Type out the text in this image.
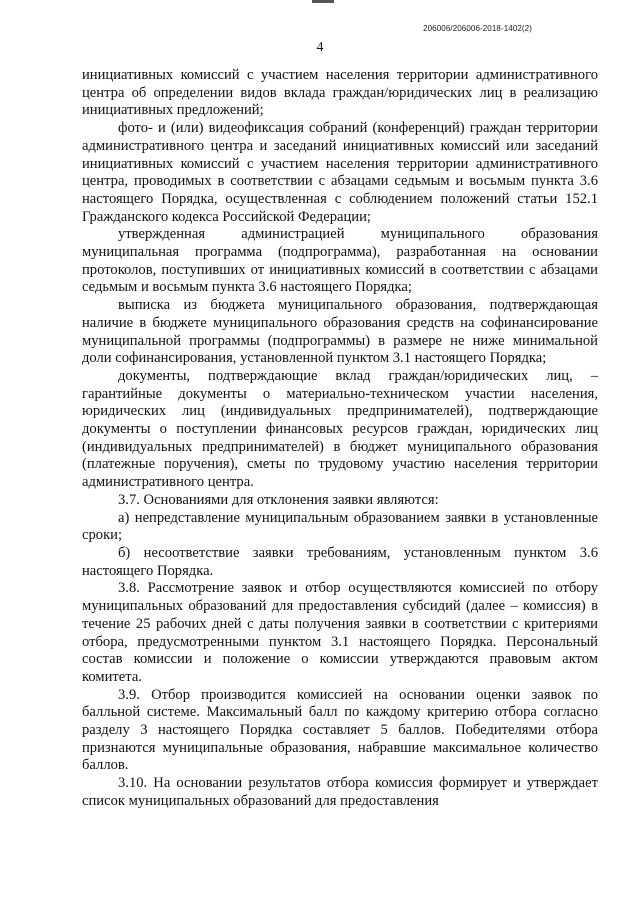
206006/206006-2018-1402(2)
4

инициативных комиссий с участием населения территории административного центра об определении видов вклада граждан/юридических лиц в реализацию инициативных предложений;

фото- и (или) видеофиксация собраний (конференций) граждан территории административного центра и заседаний инициативных комиссий или заседаний инициативных комиссий с участием населения территории административного центра, проводимых в соответствии с абзацами седьмым и восьмым пункта 3.6 настоящего Порядка, осуществленная с соблюдением положений статьи 152.1 Гражданского кодекса Российской Федерации;

утвержденная администрацией муниципального образования муниципальная программа (подпрограмма), разработанная на основании протоколов, поступивших от инициативных комиссий в соответствии с абзацами седьмым и восьмым пункта 3.6 настоящего Порядка;

выписка из бюджета муниципального образования, подтверждающая наличие в бюджете муниципального образования средств на софинансирование муниципальной программы (подпрограммы) в размере не ниже минимальной доли софинансирования, установленной пунктом 3.1 настоящего Порядка;

документы, подтверждающие вклад граждан/юридических лиц, – гарантийные документы о материально-техническом участии населения, юридических лиц (индивидуальных предпринимателей), подтверждающие документы о поступлении финансовых ресурсов граждан, юридических лиц (индивидуальных предпринимателей) в бюджет муниципального образования (платежные поручения), сметы по трудовому участию населения территории административного центра.

3.7. Основаниями для отклонения заявки являются:

а) непредставление муниципальным образованием заявки в установленные сроки;

б) несоответствие заявки требованиям, установленным пунктом 3.6 настоящего Порядка.

3.8. Рассмотрение заявок и отбор осуществляются комиссией по отбору муниципальных образований для предоставления субсидий (далее – комиссия) в течение 25 рабочих дней с даты получения заявки в соответствии с критериями отбора, предусмотренными пунктом 3.1 настоящего Порядка. Персональный состав комиссии и положение о комиссии утверждаются правовым актом комитета.

3.9. Отбор производится комиссией на основании оценки заявок по балльной системе. Максимальный балл по каждому критерию отбора согласно разделу 3 настоящего Порядка составляет 5 баллов. Победителями отбора признаются муниципальные образования, набравшие максимальное количество баллов.

3.10. На основании результатов отбора комиссия формирует и утверждает список муниципальных образований для предоставления
